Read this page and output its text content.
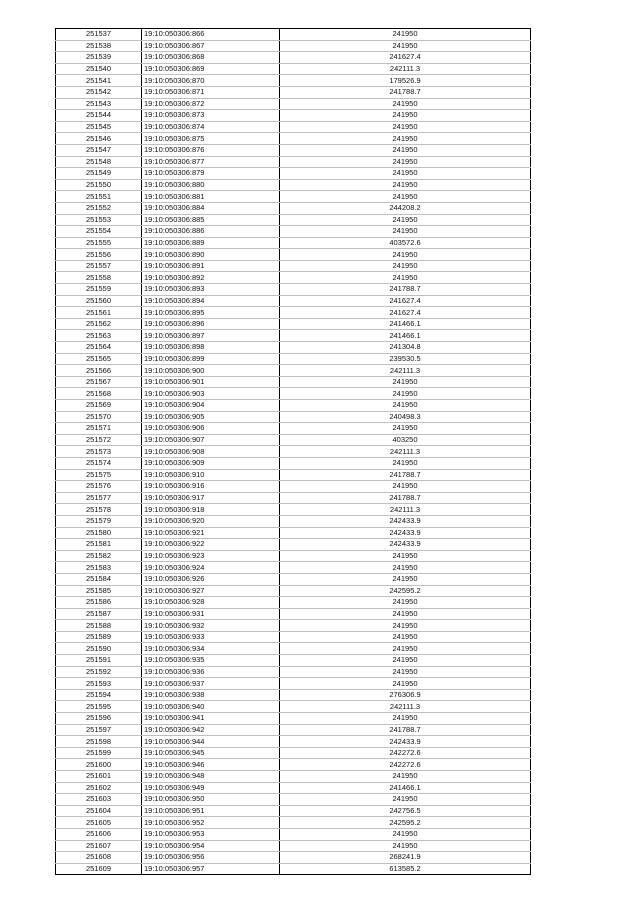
251537	19:10:050306:866	241950
251538	19:10:050306:867	241950
251539	19:10:050306:868	241627.4
251540	19:10:050306:869	242111.3
251541	19:10:050306:870	179526.9
251542	19:10:050306:871	241788.7
251543	19:10:050306:872	241950
251544	19:10:050306:873	241950
251545	19:10:050306:874	241950
251546	19:10:050306:875	241950
251547	19:10:050306:876	241950
251548	19:10:050306:877	241950
251549	19:10:050306:879	241950
251550	19:10:050306:880	241950
251551	19:10:050306:881	241950
251552	19:10:050306:884	244208.2
251553	19:10:050306:885	241950
251554	19:10:050306:886	241950
251555	19:10:050306:889	403572.6
251556	19:10:050306:890	241950
251557	19:10:050306:891	241950
251558	19:10:050306:892	241950
251559	19:10:050306:893	241788.7
251560	19:10:050306:894	241627.4
251561	19:10:050306:895	241627.4
251562	19:10:050306:896	241466.1
251563	19:10:050306:897	241466.1
251564	19:10:050306:898	241304.8
251565	19:10:050306:899	239530.5
251566	19:10:050306:900	242111.3
251567	19:10:050306:901	241950
251568	19:10:050306:903	241950
251569	19:10:050306:904	241950
251570	19:10:050306:905	240498.3
251571	19:10:050306:906	241950
251572	19:10:050306:907	403250
251573	19:10:050306:908	242111.3
251574	19:10:050306:909	241950
251575	19:10:050306:910	241788.7
251576	19:10:050306:916	241950
251577	19:10:050306:917	241788.7
251578	19:10:050306:918	242111.3
251579	19:10:050306:920	242433.9
251580	19:10:050306:921	242433.9
251581	19:10:050306:922	242433.9
251582	19:10:050306:923	241950
251583	19:10:050306:924	241950
251584	19:10:050306:926	241950
251585	19:10:050306:927	242595.2
251586	19:10:050306:928	241950
251587	19:10:050306:931	241950
251588	19:10:050306:932	241950
251589	19:10:050306:933	241950
251590	19:10:050306:934	241950
251591	19:10:050306:935	241950
251592	19:10:050306:936	241950
251593	19:10:050306:937	241950
251594	19:10:050306:938	276306.9
251595	19:10:050306:940	242111.3
251596	19:10:050306:941	241950
251597	19:10:050306:942	241788.7
251598	19:10:050306:944	242433.9
251599	19:10:050306:945	242272.6
251600	19:10:050306:946	242272.6
251601	19:10:050306:948	241950
251602	19:10:050306:949	241466.1
251603	19:10:050306:950	241950
251604	19:10:050306:951	242756.5
251605	19:10:050306:952	242595.2
251606	19:10:050306:953	241950
251607	19:10:050306:954	241950
251608	19:10:050306:956	268241.9
251609	19:10:050306:957	613585.2
